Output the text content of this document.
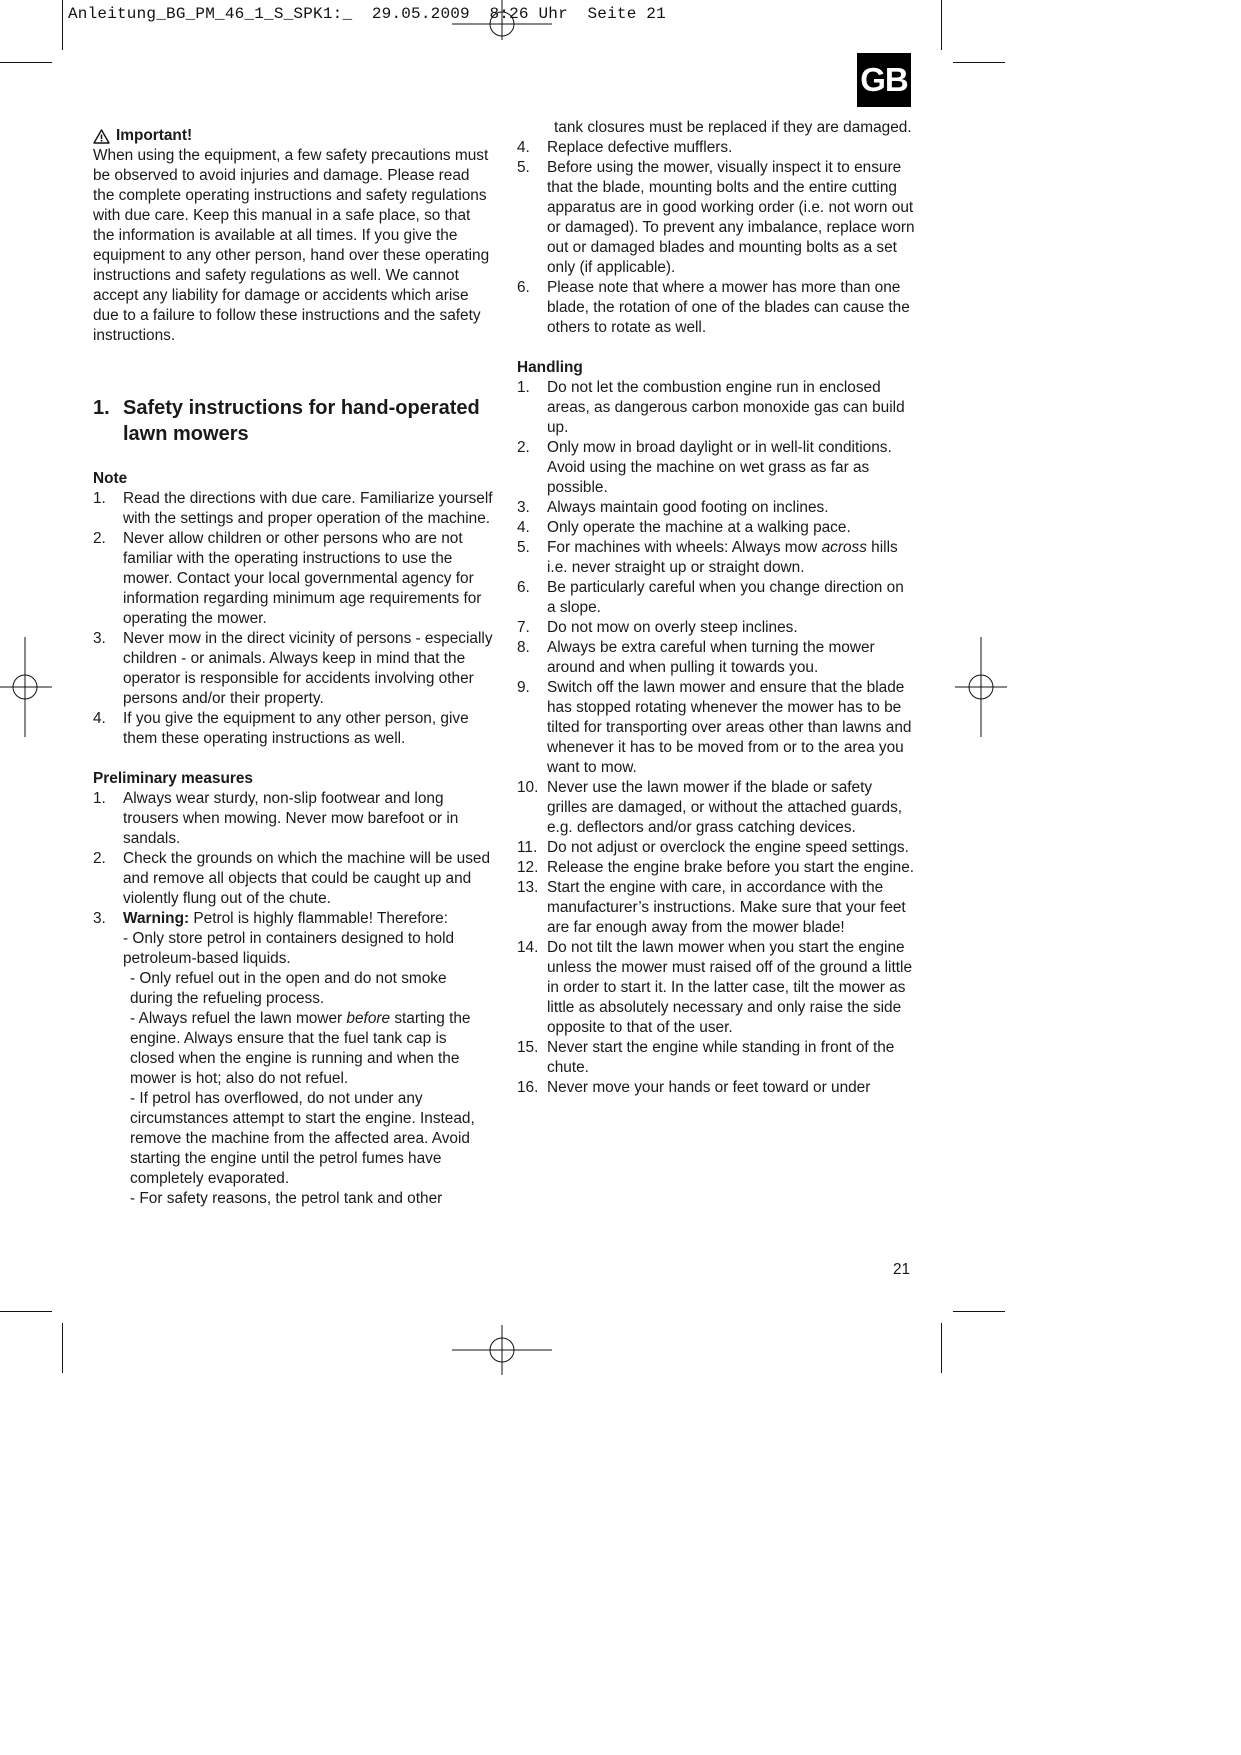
Anleitung_BG_PM_46_1_S_SPK1:_  29.05.2009  8:26 Uhr  Seite 21
GB
Important!

When using the equipment, a few safety precautions must be observed to avoid injuries and damage. Please read the complete operating instructions and safety regulations with due care. Keep this manual in a safe place, so that the information is available at all times. If you give the equipment to any other person, hand over these operating instructions and safety regulations as well. We cannot accept any liability for damage or accidents which arise due to a failure to follow these instructions and the safety instructions.

1. Safety instructions for hand-operated lawn mowers
Note
1. Read the directions with due care. Familiarize yourself with the settings and proper operation of the machine.
2. Never allow children or other persons who are not familiar with the operating instructions to use the mower. Contact your local governmental agency for information regarding minimum age requirements for operating the mower.
3. Never mow in the direct vicinity of persons - especially children - or animals. Always keep in mind that the operator is responsible for accidents involving other persons and/or their property.
4. If you give the equipment to any other person, give them these operating instructions as well.
Preliminary measures
1. Always wear sturdy, non-slip footwear and long trousers when mowing. Never mow barefoot or in sandals.
2. Check the grounds on which the machine will be used and remove all objects that could be caught up and violently flung out of the chute.
3. Warning: Petrol is highly flammable! Therefore:
- Only store petrol in containers designed to hold petroleum-based liquids.
- Only refuel out in the open and do not smoke during the refueling process.
- Always refuel the lawn mower before starting the engine. Always ensure that the fuel tank cap is closed when the engine is running and when the mower is hot; also do not refuel.
- If petrol has overflowed, do not under any circumstances attempt to start the engine. Instead, remove the machine from the affected area. Avoid starting the engine until the petrol fumes have completely evaporated.
- For safety reasons, the petrol tank and other
tank closures must be replaced if they are damaged.
4. Replace defective mufflers.
5. Before using the mower, visually inspect it to ensure that the blade, mounting bolts and the entire cutting apparatus are in good working order (i.e. not worn out or damaged). To prevent any imbalance, replace worn out or damaged blades and mounting bolts as a set only (if applicable).
6. Please note that where a mower has more than one blade, the rotation of one of the blades can cause the others to rotate as well.
Handling
1. Do not let the combustion engine run in enclosed areas, as dangerous carbon monoxide gas can build up.
2. Only mow in broad daylight or in well-lit conditions. Avoid using the machine on wet grass as far as possible.
3. Always maintain good footing on inclines.
4. Only operate the machine at a walking pace.
5. For machines with wheels: Always mow across hills i.e. never straight up or straight down.
6. Be particularly careful when you change direction on a slope.
7. Do not mow on overly steep inclines.
8. Always be extra careful when turning the mower around and when pulling it towards you.
9. Switch off the lawn mower and ensure that the blade has stopped rotating whenever the mower has to be tilted for transporting over areas other than lawns and whenever it has to be moved from or to the area you want to mow.
10. Never use the lawn mower if the blade or safety grilles are damaged, or without the attached guards, e.g. deflectors and/or grass catching devices.
11. Do not adjust or overclock the engine speed settings.
12. Release the engine brake before you start the engine.
13. Start the engine with care, in accordance with the manufacturer’s instructions. Make sure that your feet are far enough away from the mower blade!
14. Do not tilt the lawn mower when you start the engine unless the mower must raised off of the ground a little in order to start it. In the latter case, tilt the mower as little as absolutely necessary and only raise the side opposite to that of the user.
15. Never start the engine while standing in front of the chute.
16. Never move your hands or feet toward or under
21
